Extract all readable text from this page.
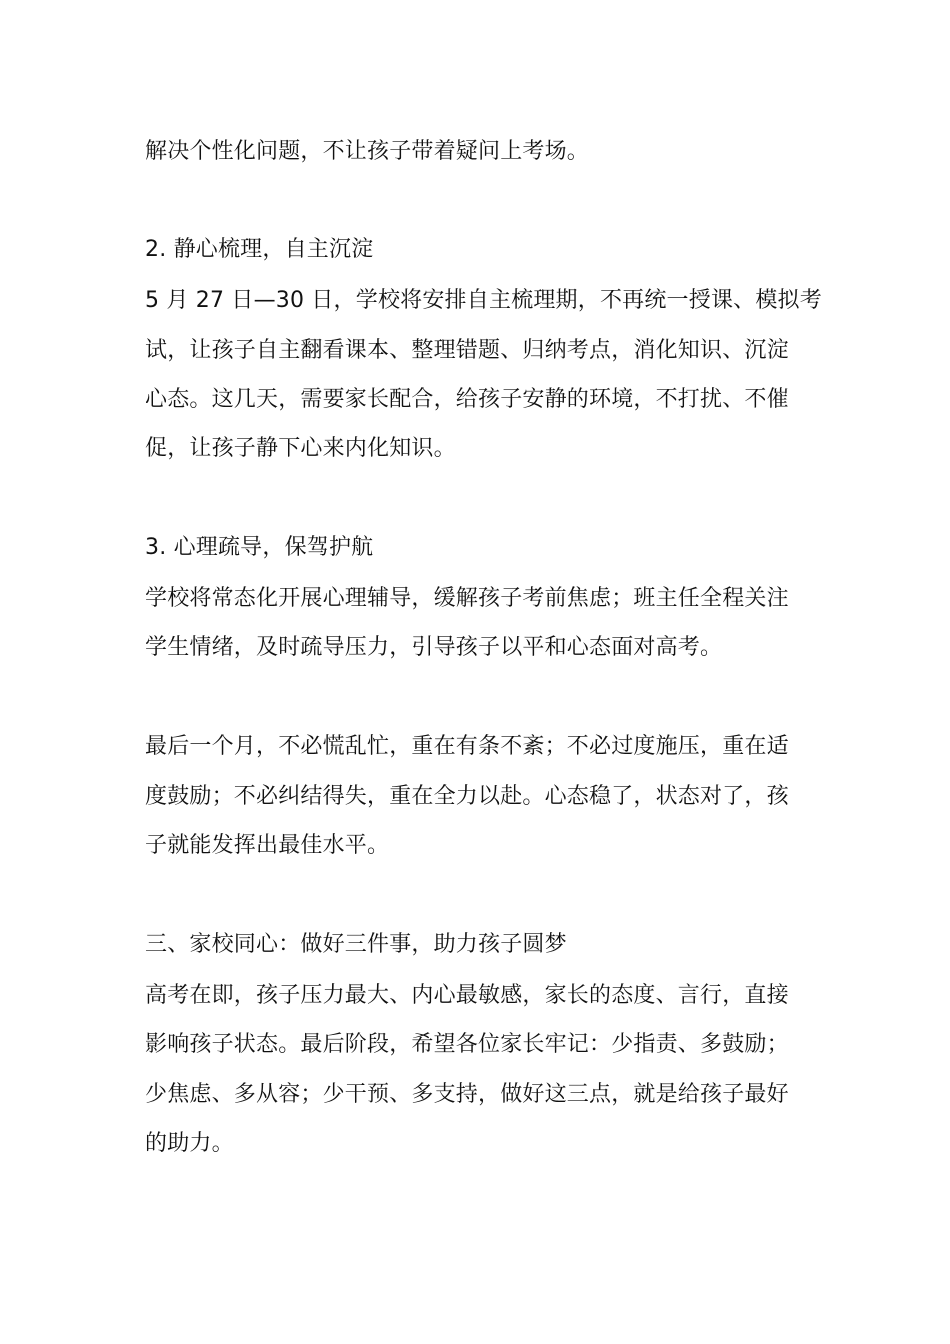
解决个性化问题，不让孩子带着疑问上考场。
2. 静心梳理，自主沉淀
5 月 27 日—30 日，学校将安排自主梳理期，不再统一授课、模拟考
试，让孩子自主翻看课本、整理错题、归纳考点，消化知识、沉淀
心态。这几天，需要家长配合，给孩子安静的环境，不打扰、不催
促，让孩子静下心来内化知识。
3. 心理疏导，保驾护航
学校将常态化开展心理辅导，缓解孩子考前焦虑；班主任全程关注
学生情绪，及时疏导压力，引导孩子以平和心态面对高考。
最后一个月，不必慌乱忙，重在有条不紊；不必过度施压，重在适
度鼓励；不必纠结得失，重在全力以赴。心态稳了，状态对了，孩
子就能发挥出最佳水平。
三、家校同心：做好三件事，助力孩子圆梦
高考在即，孩子压力最大、内心最敏感，家长的态度、言行，直接
影响孩子状态。最后阶段，希望各位家长牢记：少指责、多鼓励；
少焦虑、多从容；少干预、多支持，做好这三点，就是给孩子最好
的助力。
